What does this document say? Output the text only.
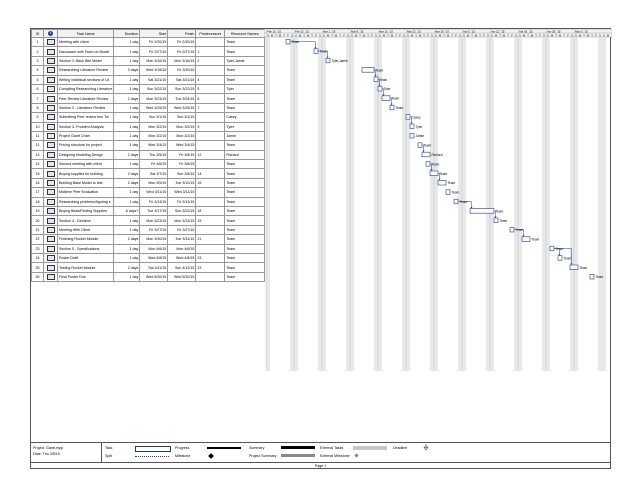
ID	i	Task Name	Duration	Start	Finish	Predecessors	Resource Names
1		Meeting with client	1 day	Fri 2/20/15	Fri 2/20/15		Team
2		Discussion with Team on Model	1 day	Fri 2/27/15	Fri 2/27/15	1	Team
3		Section 1: Back Bite Model	1 day	Mon 3/16/15	Mon 3/16/15	2	Tyler,Jamie
4		Researching Literature Review	3 days	Wed 3/18/15	Fri 3/20/15		Team
5		Writing individual sections of Lit	1 day	Sat 3/21/15	Sat 3/21/15	4	Team
6		Compiling Researching Literature	1 day	Sun 3/22/15	Sun 3/22/15	5	Tyler
7		Peer Review Literature Review	2 days	Mon 3/23/15	Tue 3/24/15	6	Team
8		Section 2 - Literature Review	1 day	Wed 3/25/15	Wed 3/25/15	7	Team
9		Submitting Peer review thru Tw	1 day	Sun 3/1/15	Sun 3/1/15		Casey
10		Section 3- Problem Analysis	1 day	Mon 3/2/15	Mon 3/2/15	9	Tyler
11		Project Gantt Chart	1 day	Mon 3/2/15	Mon 3/2/15		Jamie
12		Pricing structure for project	1 day	Wed 3/4/15	Wed 3/4/15		Team
13		Designing Modeling Design	2 days	Thu 3/5/15	Fri 3/6/15	12	Richard
14		Second meeting with client	1 day	Fri 3/6/15	Fri 3/6/15		Team
15		Buying supplies for building	2 days	Sat 3/7/15	Sun 3/8/15	14	Team
16		Building Base Model to test	2 days	Mon 3/9/15	Tue 3/10/15	15	Team
17		Midterm Peer Evaluation	1 day	Wed 3/11/15	Wed 3/11/15		Team
18		Researching problems/figuring s	1 day	Fri 3/13/15	Fri 3/13/15		Team
19		Buying Bead/Finding Supplies	6 days?	Tue 3/17/15	Sun 3/22/15	18	Team
20		Section 4 - Decision	1 day	Mon 3/23/15	Mon 3/23/15	19	Team
21		Meeting With Client	1 day	Fri 3/27/15	Fri 3/27/15		Team
22		Finishing Rocket Module	2 days	Mon 3/30/15	Tue 3/31/15	21	Team
23		Section 5 - Specifications	1 day	Mon 4/6/15	Mon 4/6/15		Team
24		Poster Draft	1 day	Wed 4/8/15	Wed 4/8/15	23	Team
25		Testing Rocket Module	2 days	Sat 4/11/15	Sun 4/12/15	23	Team
26		Final Poster Due	1 day	Wed 5/20/15	Wed 5/20/15		Team
S M T W T F S S M T W T F S S M T W T F S S M T W T F S S M T W T F S S M T W T F S S M T W T F S S M T W T F S S M T W T F S S M T W T F S S M T W T F S S M T W T F S S M
Feb 15, '15	Feb 22, '15	Mar 1, '15	Mar 8, '15	Mar 15, '15	Mar 22, '15	Mar 29, '15	Apr 5, '15	Apr 12, '15	Apr 19, '15	Apr 26, '15	May 3, '15
Team
Team
Tyler,Jamie
Team
Team
Tyler
Team
Team
Casey
Tyler
Jamie
Team
Richard
Team
Team
Team
Team
Team
Team
Team
Team
Team
Team
Team
Team
Team
Project: Gantt.mpp
Date: Thu 3/5/15
Task
Split
Progress
Milestone
Summary
Project Summary
External Tasks
External Milestone
Deadline
Page 1
